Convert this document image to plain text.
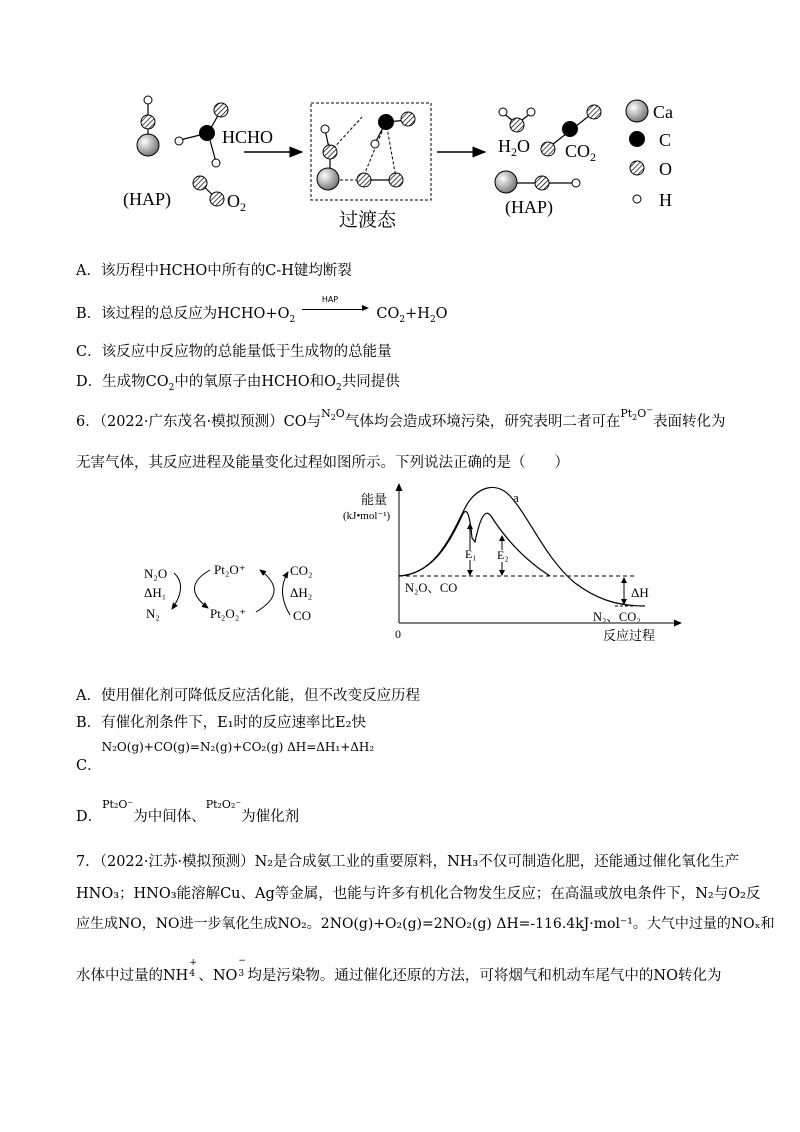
(HAP)
HCHO
$O_2$
过渡态
$H_2O$ $CO_2$
(HAP)
Ca
C
O
H
A．该历程中HCHO中所有的C-H键均断裂
B．该过程的总反应为$HCHO+O_2$
HAP
$CO_2+H_2O$
C．该反应中反应物的总能量低于生成物的总能量
D．生成物$CO_2$中的氧原子由HCHO和$O_2$共同提供
6．（2022·广东茂名·模拟预测）CO与$^{N_2O}$气体均会造成环境污染，研究表明二者可在$^{Pt_2O^-}$表面转化为
无害气体，其反应进程及能量变化过程如图所示。下列说法正确的是（　　）
N₂O
ΔH₁
N₂
Pt₂O⁺
Pt₂O₂⁺
CO₂
ΔH₂
CO
能量
(kJ•mol⁻¹)
0	反应过程
a
E₁ E₂
N₂O、CO	ΔH
N₂、CO₂
A．使用催化剂可降低反应活化能，但不改变反应历程
B．有催化剂条件下，E₁时的反应速率比E₂快
C．$^{N_2O(g)+CO(g)=N_2(g)+CO_2(g) \Delta H=\Delta H_1+\Delta H_2}$
D．$^{Pt_2O^-}$为中间体、$^{Pt_2O_2^-}$为催化剂
7．（2022·江苏·模拟预测）N₂是合成氨工业的重要原料，NH₃不仅可制造化肥，还能通过催化氧化生产
HNO₃；HNO₃能溶解Cu、Ag等金属，也能与许多有机化合物发生反应；在高温或放电条件下，N₂与O₂反
应生成NO，NO进一步氧化生成NO₂。2NO(g)+O₂(g)=2NO₂(g) ΔH=-116.4kJ·mol⁻¹。大气中过量的NOₓ和
水体中过量的NH
+
4 、NO 3
−
均是污染物。通过催化还原的方法，可将烟气和机动车尾气中的NO转化为
